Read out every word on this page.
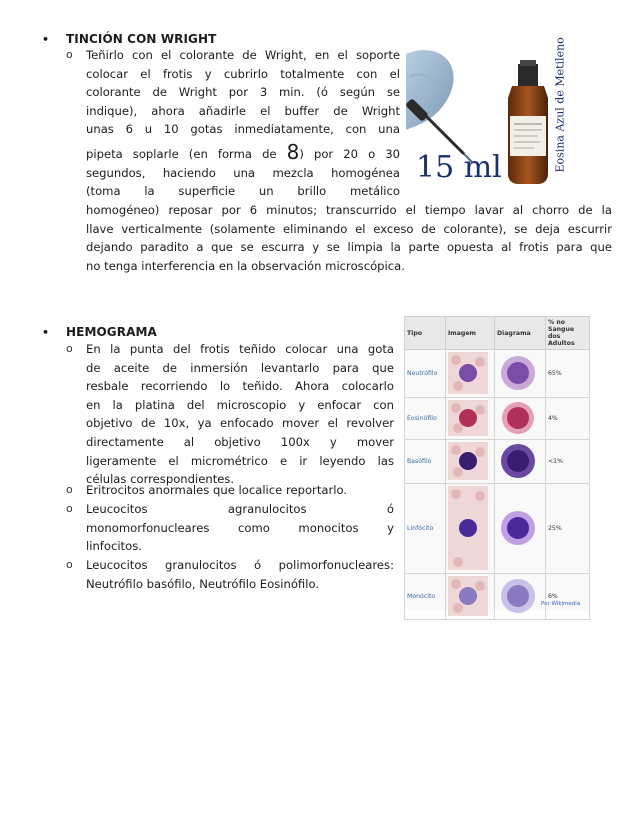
• TINCIÓN CON WRIGHT
o Teñirlo con el colorante de Wright, en el soporte

colocar el frotis y cubrirlo totalmente con el

colorante de Wright por 3 min. (ó según se

indique), ahora añadirle el buffer de Wright

unas 6 u 10 gotas inmediatamente, con una

pipeta soplarle (en forma de 8) por 20 o 30

segundos, haciendo una mezcla homogénea

(toma la superficie un brillo metálico

homogéneo) reposar por 6 minutos; transcurrido el tiempo lavar al chorro de la

llave verticalmente (solamente eliminando el exceso de colorante), se deja escurrir

dejando paradito a que se escurra y se limpia la parte opuesta al frotis para que

no tenga interferencia en la observación microscópica.

15 ml	Eosina Azul de Metileno
• HEMOGRAMA
o En la punta del frotis teñido colocar una gota

de aceite de inmersión levantarlo para que

resbale recorriendo lo teñido. Ahora colocarlo

en la platina del microscopio y enfocar con

objetivo de 10x, ya enfocado mover el revolver

directamente al objetivo 100x y mover

ligeramente el micrométrico e ir leyendo las

células correspondientes.

o Eritrocitos anormales que localice reportarlo.

o Leucocitos agranulocitos ó

monomorfonucleares como monocitos y

linfocitos.

o Leucocitos granulocitos ó polimorfonucleares:

Neutrófilo basófilo, Neutrófilo Eosinófilo.

Tipo	Imagem	Diagrama	% no Sangue dos Adultos
Neutrófilo			65%
Eosinófilo			4%
Basófilo			<1%
Linfócito			25%
Monócito			6%
Por Wikimedia
